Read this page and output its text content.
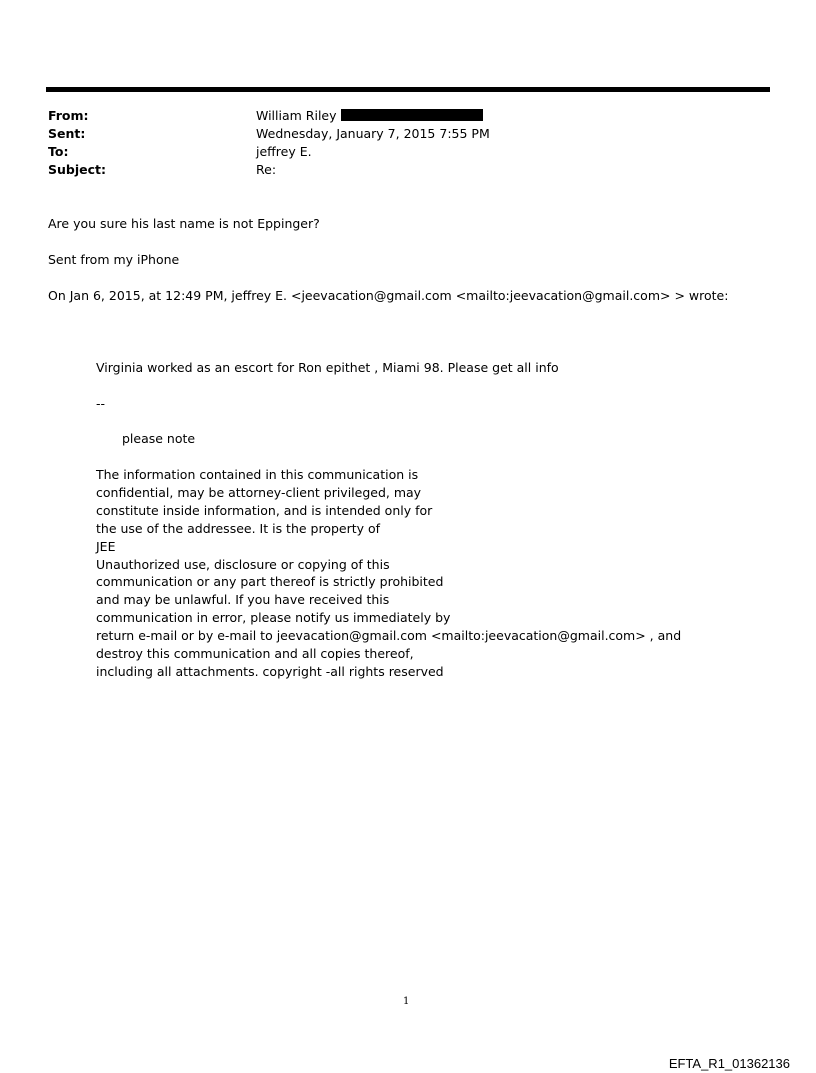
From:	William Riley
Sent:	Wednesday, January 7, 2015 7:55 PM
To:	jeffrey E.
Subject:	Re:
Are you sure his last name is not Eppinger?
Sent from my iPhone
On Jan 6, 2015, at 12:49 PM, jeffrey E. <jeevacation@gmail.com <mailto:jeevacation@gmail.com> > wrote:
Virginia worked as an escort for Ron epithet , Miami 98. Please get all info
--
please note
The information contained in this communication is
confidential, may be attorney-client privileged, may
constitute inside information, and is intended only for
the use of the addressee. It is the property of
JEE
Unauthorized use, disclosure or copying of this
communication or any part thereof is strictly prohibited
and may be unlawful. If you have received this
communication in error, please notify us immediately by
return e-mail or by e-mail to jeevacation@gmail.com <mailto:jeevacation@gmail.com> , and
destroy this communication and all copies thereof,
including all attachments. copyright -all rights reserved
1
EFTA_R1_01362136
